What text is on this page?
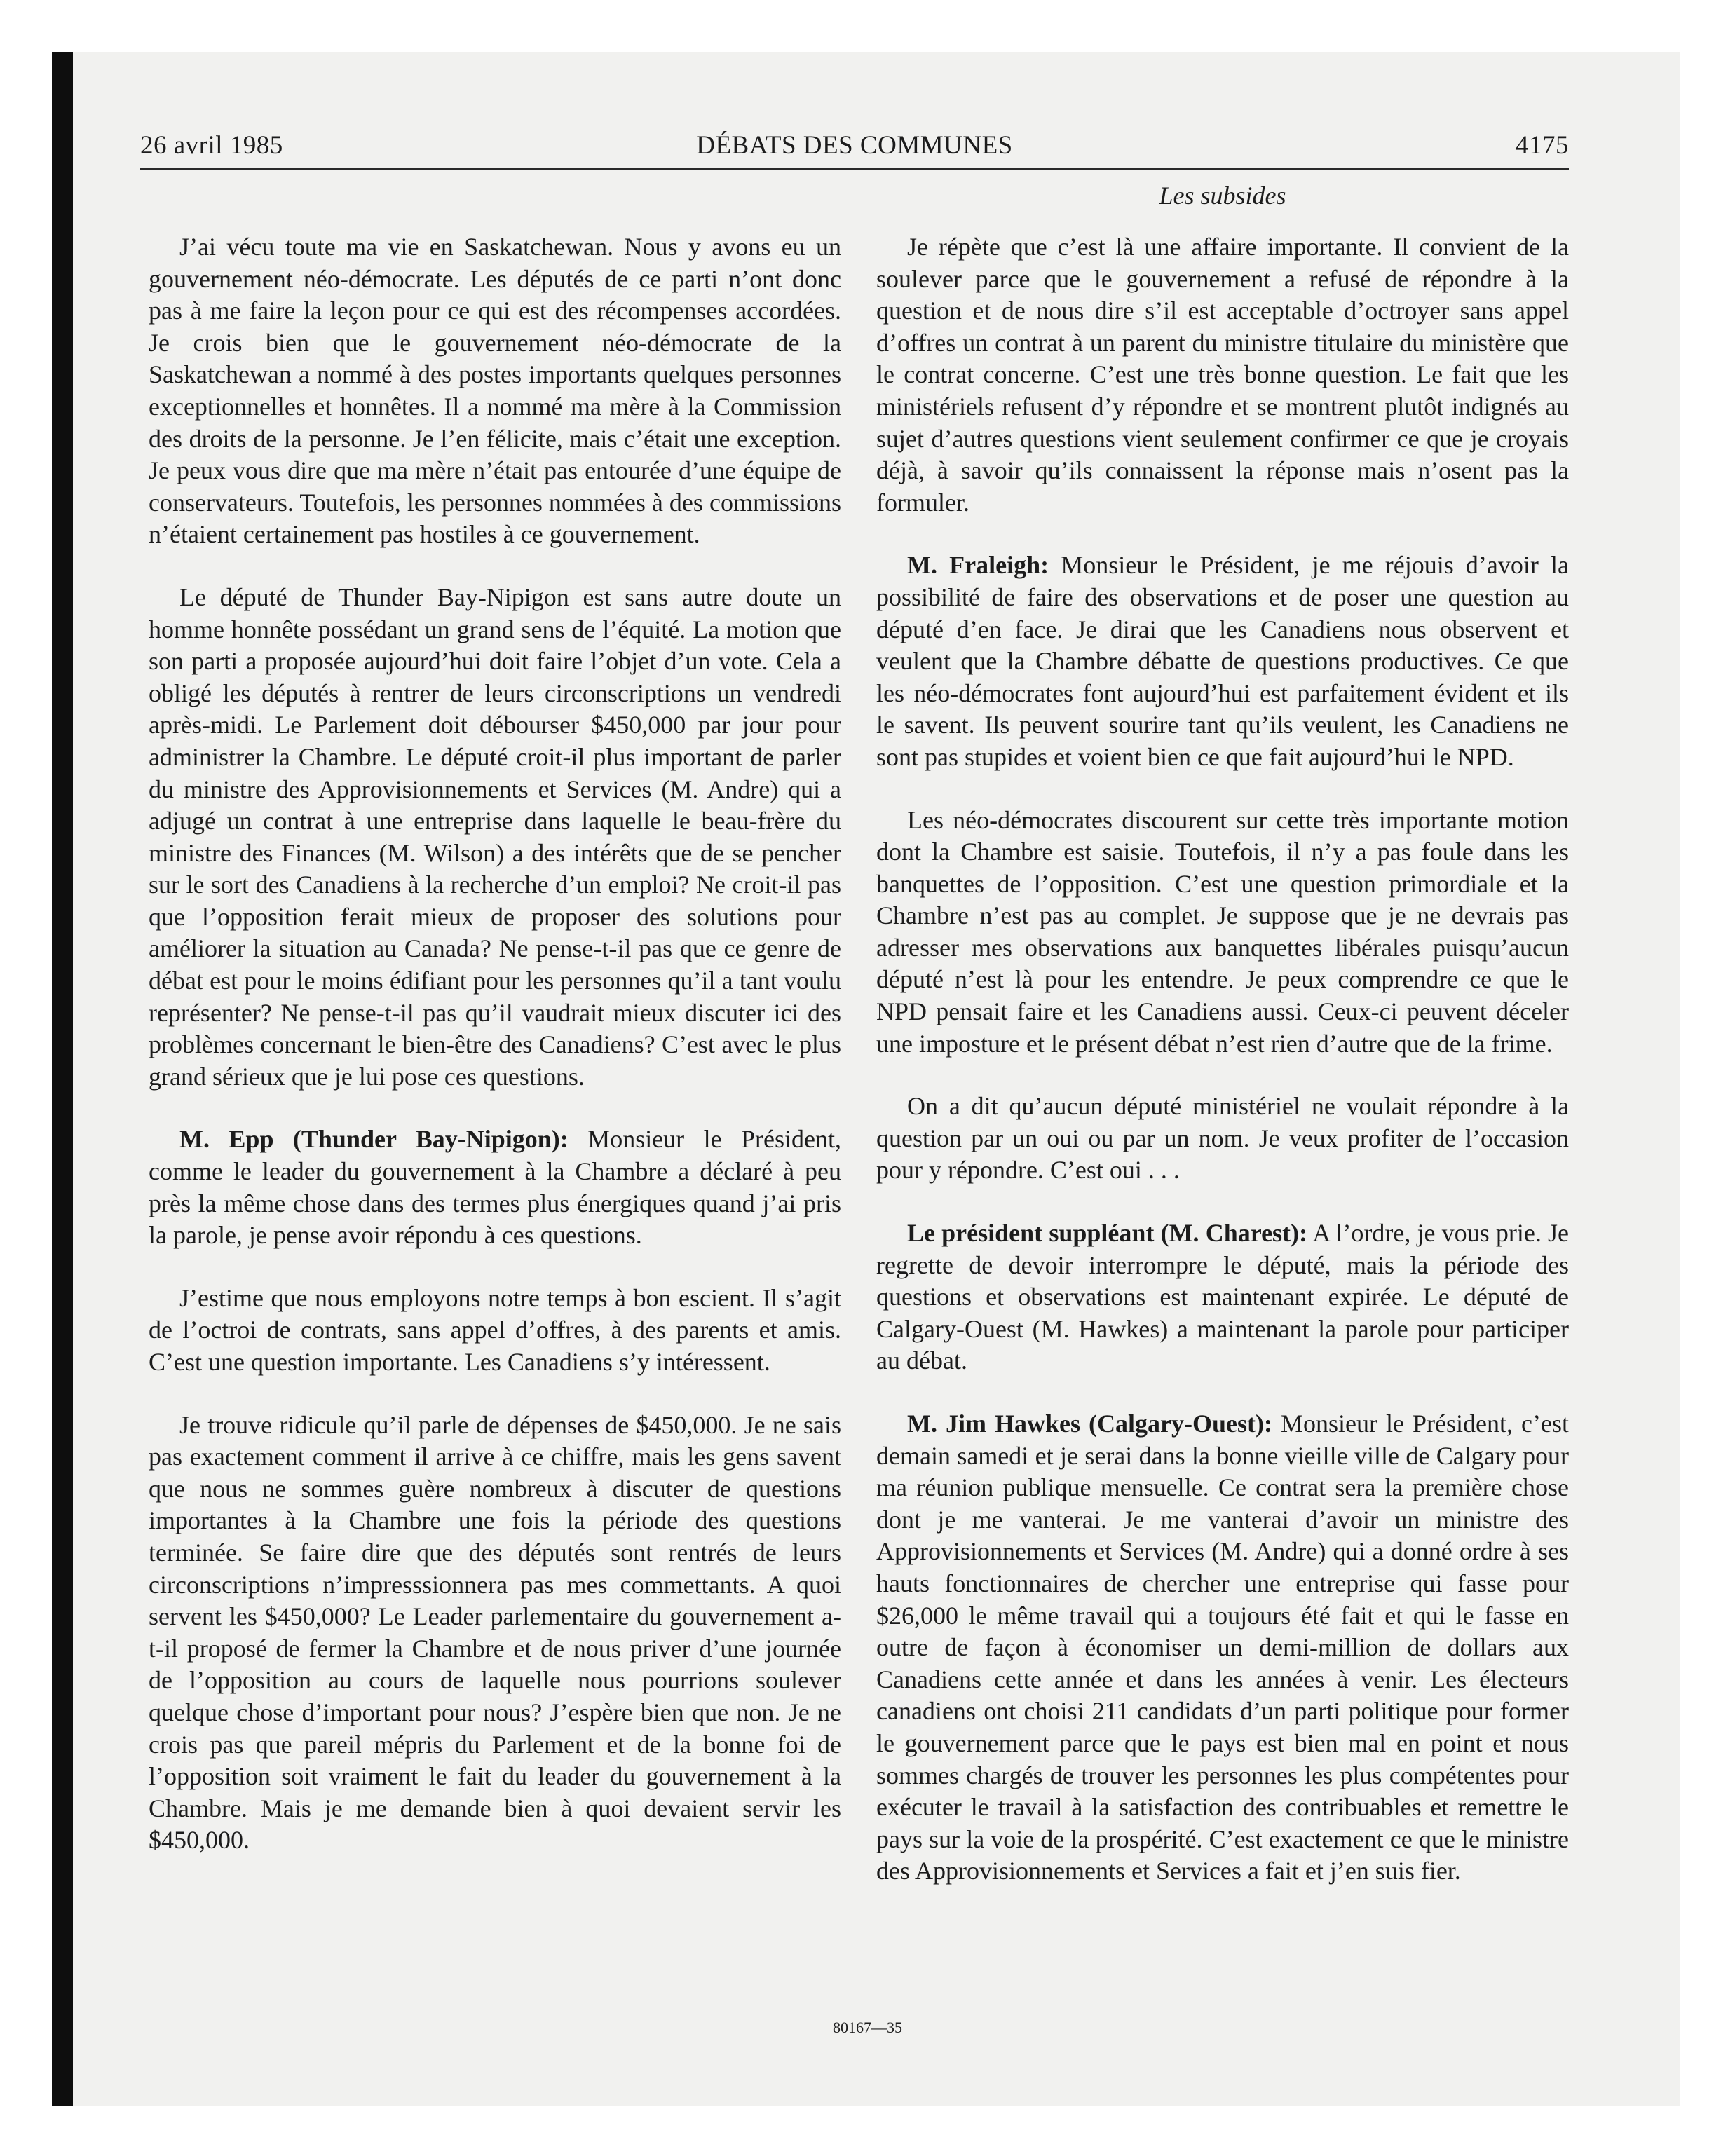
26 avril 1985	DÉBATS DES COMMUNES	4175
Les subsides

J’ai vécu toute ma vie en Saskatchewan. Nous y avons eu un gouvernement néo-démocrate. Les députés de ce parti n’ont donc pas à me faire la leçon pour ce qui est des récompenses accordées. Je crois bien que le gouvernement néo-démocrate de la Saskatchewan a nommé à des postes importants quelques personnes exceptionnelles et honnêtes. Il a nommé ma mère à la Commission des droits de la personne. Je l’en félicite, mais c’était une exception. Je peux vous dire que ma mère n’était pas entourée d’une équipe de conservateurs. Toutefois, les personnes nommées à des commissions n’étaient certainement pas hostiles à ce gouvernement.

Le député de Thunder Bay-Nipigon est sans autre doute un homme honnête possédant un grand sens de l’équité. La motion que son parti a proposée aujourd’hui doit faire l’objet d’un vote. Cela a obligé les députés à rentrer de leurs circonscriptions un vendredi après-midi. Le Parlement doit débourser $450,000 par jour pour administrer la Chambre. Le député croit-il plus important de parler du ministre des Approvisionnements et Services (M. Andre) qui a adjugé un contrat à une entreprise dans laquelle le beau-frère du ministre des Finances (M. Wilson) a des intérêts que de se pencher sur le sort des Canadiens à la recherche d’un emploi? Ne croit-il pas que l’opposition ferait mieux de proposer des solutions pour améliorer la situation au Canada? Ne pense-t-il pas que ce genre de débat est pour le moins édifiant pour les personnes qu’il a tant voulu représenter? Ne pense-t-il pas qu’il vaudrait mieux discuter ici des problèmes concernant le bien-être des Canadiens? C’est avec le plus grand sérieux que je lui pose ces questions.

M. Epp (Thunder Bay-Nipigon): Monsieur le Président, comme le leader du gouvernement à la Chambre a déclaré à peu près la même chose dans des termes plus énergiques quand j’ai pris la parole, je pense avoir répondu à ces questions.

J’estime que nous employons notre temps à bon escient. Il s’agit de l’octroi de contrats, sans appel d’offres, à des parents et amis. C’est une question importante. Les Canadiens s’y intéressent.

Je trouve ridicule qu’il parle de dépenses de $450,000. Je ne sais pas exactement comment il arrive à ce chiffre, mais les gens savent que nous ne sommes guère nombreux à discuter de questions importantes à la Chambre une fois la période des questions terminée. Se faire dire que des députés sont rentrés de leurs circonscriptions n’impresssionnera pas mes commettants. A quoi servent les $450,000? Le Leader parlementaire du gouvernement a-t-il proposé de fermer la Chambre et de nous priver d’une journée de l’opposition au cours de laquelle nous pourrions soulever quelque chose d’important pour nous? J’espère bien que non. Je ne crois pas que pareil mépris du Parlement et de la bonne foi de l’opposition soit vraiment le fait du leader du gouvernement à la Chambre. Mais je me demande bien à quoi devaient servir les $450,000.

Je répète que c’est là une affaire importante. Il convient de la soulever parce que le gouvernement a refusé de répondre à la question et de nous dire s’il est acceptable d’octroyer sans appel d’offres un contrat à un parent du ministre titulaire du ministère que le contrat concerne. C’est une très bonne question. Le fait que les ministériels refusent d’y répondre et se montrent plutôt indignés au sujet d’autres questions vient seulement confirmer ce que je croyais déjà, à savoir qu’ils connaissent la réponse mais n’osent pas la formuler.

M. Fraleigh: Monsieur le Président, je me réjouis d’avoir la possibilité de faire des observations et de poser une question au député d’en face. Je dirai que les Canadiens nous observent et veulent que la Chambre débatte de questions productives. Ce que les néo-démocrates font aujourd’hui est parfaitement évident et ils le savent. Ils peuvent sourire tant qu’ils veulent, les Canadiens ne sont pas stupides et voient bien ce que fait aujourd’hui le NPD.

Les néo-démocrates discourent sur cette très importante motion dont la Chambre est saisie. Toutefois, il n’y a pas foule dans les banquettes de l’opposition. C’est une question primordiale et la Chambre n’est pas au complet. Je suppose que je ne devrais pas adresser mes observations aux banquettes libérales puisqu’aucun député n’est là pour les entendre. Je peux comprendre ce que le NPD pensait faire et les Canadiens aussi. Ceux-ci peuvent déceler une imposture et le présent débat n’est rien d’autre que de la frime.

On a dit qu’aucun député ministériel ne voulait répondre à la question par un oui ou par un nom. Je veux profiter de l’occasion pour y répondre. C’est oui . . .

Le président suppléant (M. Charest): A l’ordre, je vous prie. Je regrette de devoir interrompre le député, mais la période des questions et observations est maintenant expirée. Le député de Calgary-Ouest (M. Hawkes) a maintenant la parole pour participer au débat.

M. Jim Hawkes (Calgary-Ouest): Monsieur le Président, c’est demain samedi et je serai dans la bonne vieille ville de Calgary pour ma réunion publique mensuelle. Ce contrat sera la première chose dont je me vanterai. Je me vanterai d’avoir un ministre des Approvisionnements et Services (M. Andre) qui a donné ordre à ses hauts fonctionnaires de chercher une entreprise qui fasse pour $26,000 le même travail qui a toujours été fait et qui le fasse en outre de façon à économiser un demi-million de dollars aux Canadiens cette année et dans les années à venir. Les électeurs canadiens ont choisi 211 candidats d’un parti politique pour former le gouvernement parce que le pays est bien mal en point et nous sommes chargés de trouver les personnes les plus compétentes pour exécuter le travail à la satisfaction des contribuables et remettre le pays sur la voie de la prospérité. C’est exactement ce que le ministre des Approvisionnements et Services a fait et j’en suis fier.

80167—35
